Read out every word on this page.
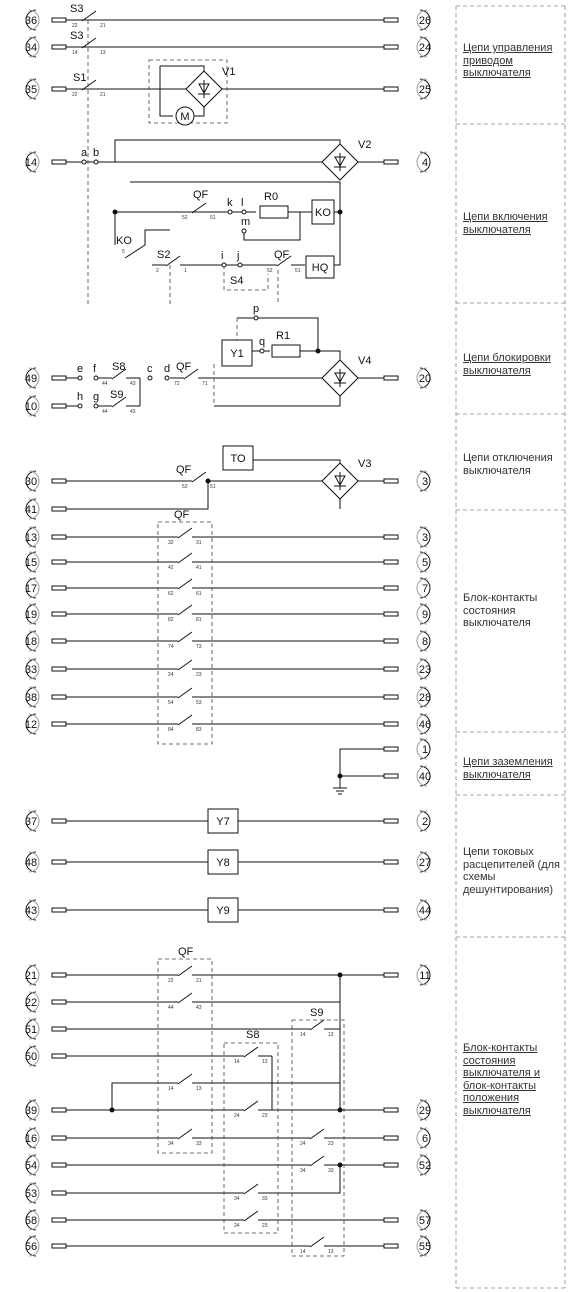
36	26
22	21
S3
34	24
14	13
S3
35	25
22	21
S1	V1
M
14	4
a b
V2
52	51
QF
k l R0
KO
m
KO
5
2	1
S2	i j
52	51
QF
HQ
S4
p
Y1
q R1
V4
49	20
e f
44	43
S8 c d
72	71
QF
10
h g
44	43
S9
TO
30	3
52	51
QF	V3
41	QF
13	3
32	31
15	5
42	41
17	7
62	61
19	9
82	81
18	8
74	73
33	23
24	23
38	28
54	53
12	46
84	83
1
40
37	2
Y7
48	27
Y8
43	44
Y9
QF
S8
S9
21
22
51
50
39
16
54
53
58
56
11
29
6
52
57
55
22	21
44	43
14	13
14	13
14	13
24	23
34	33	24	23
34	33
34	33
24	23
14	13
Цепи управления приводом выключателя
Цепи включения выключателя
Цепи блокировки выключателя
Цепи отключения выключателя
Блок-контакты состояния выключателя
Цепи заземления выключателя
Цепи токовых расцепителей (для схемы дешунтирования)
Блок-контакты состояния выключателя и блок-контакты положения выключателя
